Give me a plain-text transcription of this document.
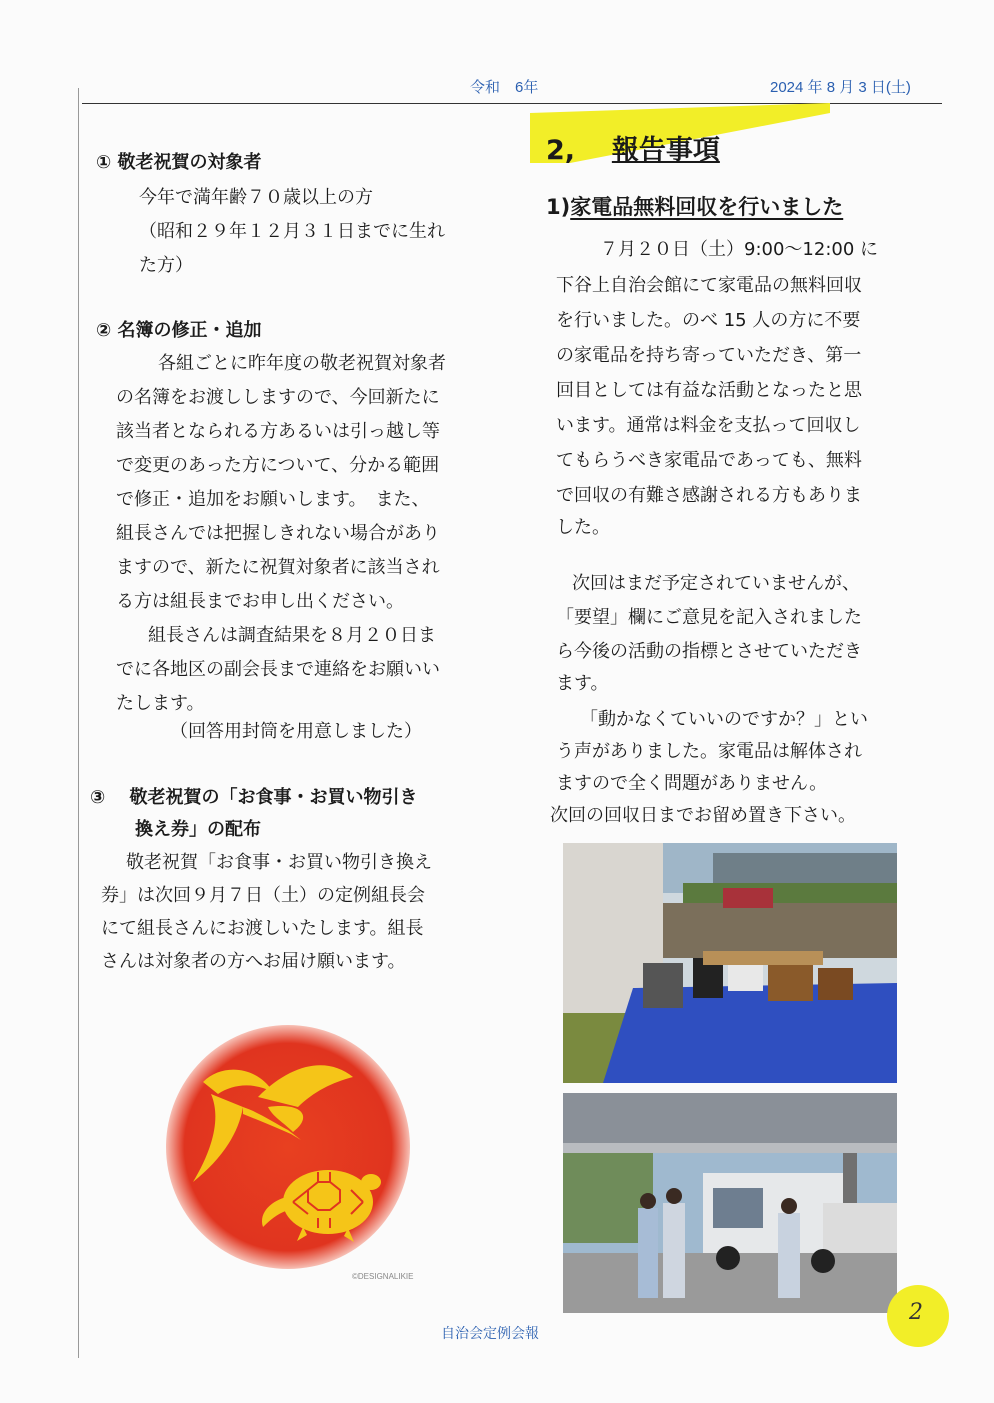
令和　6年	2024 年 8 月 3 日(土)
① 敬老祝賀の対象者
今年で満年齢７０歳以上の方
（昭和２９年１２月３１日までに生れ
た方）
② 名簿の修正・追加
各組ごとに昨年度の敬老祝賀対象者
の名簿をお渡ししますので、今回新たに
該当者となられる方あるいは引っ越し等
で変更のあった方について、分かる範囲
で修正・追加をお願いします。　また、
組長さんでは把握しきれない場合があり
ますので、新たに祝賀対象者に該当され
る方は組長までお申し出ください。
組長さんは調査結果を８月２０日ま
でに各地区の副会長まで連絡をお願いい
たします。
（回答用封筒を用意しました）
③　 敬老祝賀の「お食事・お買い物引き
換え券」の配布
敬老祝賀「お食事・お買い物引き換え
券」は次回９月７日（土）の定例組長会
にて組長さんにお渡しいたします。組長
さんは対象者の方へお届け願います。
©DESIGNALIKIE
2, 報告事項
1)家電品無料回収を行いました
７月２０日（土）9:00～12:00 に
下谷上自治会館にて家電品の無料回収
を行いました。のべ 15 人の方に不要
の家電品を持ち寄っていただき、第一
回目としては有益な活動となったと思
います。通常は料金を支払って回収し
てもらうべき家電品であっても、無料
で回収の有難さ感謝される方もありま
した。
次回はまだ予定されていませんが、
「要望」欄にご意見を記入されました
ら今後の活動の指標とさせていただき
ます。
「動かなくていいのですか？」とい
う声がありました。家電品は解体され
ますので全く問題がありません。
次回の回収日までお留め置き下さい。
自治会定例会報
2
